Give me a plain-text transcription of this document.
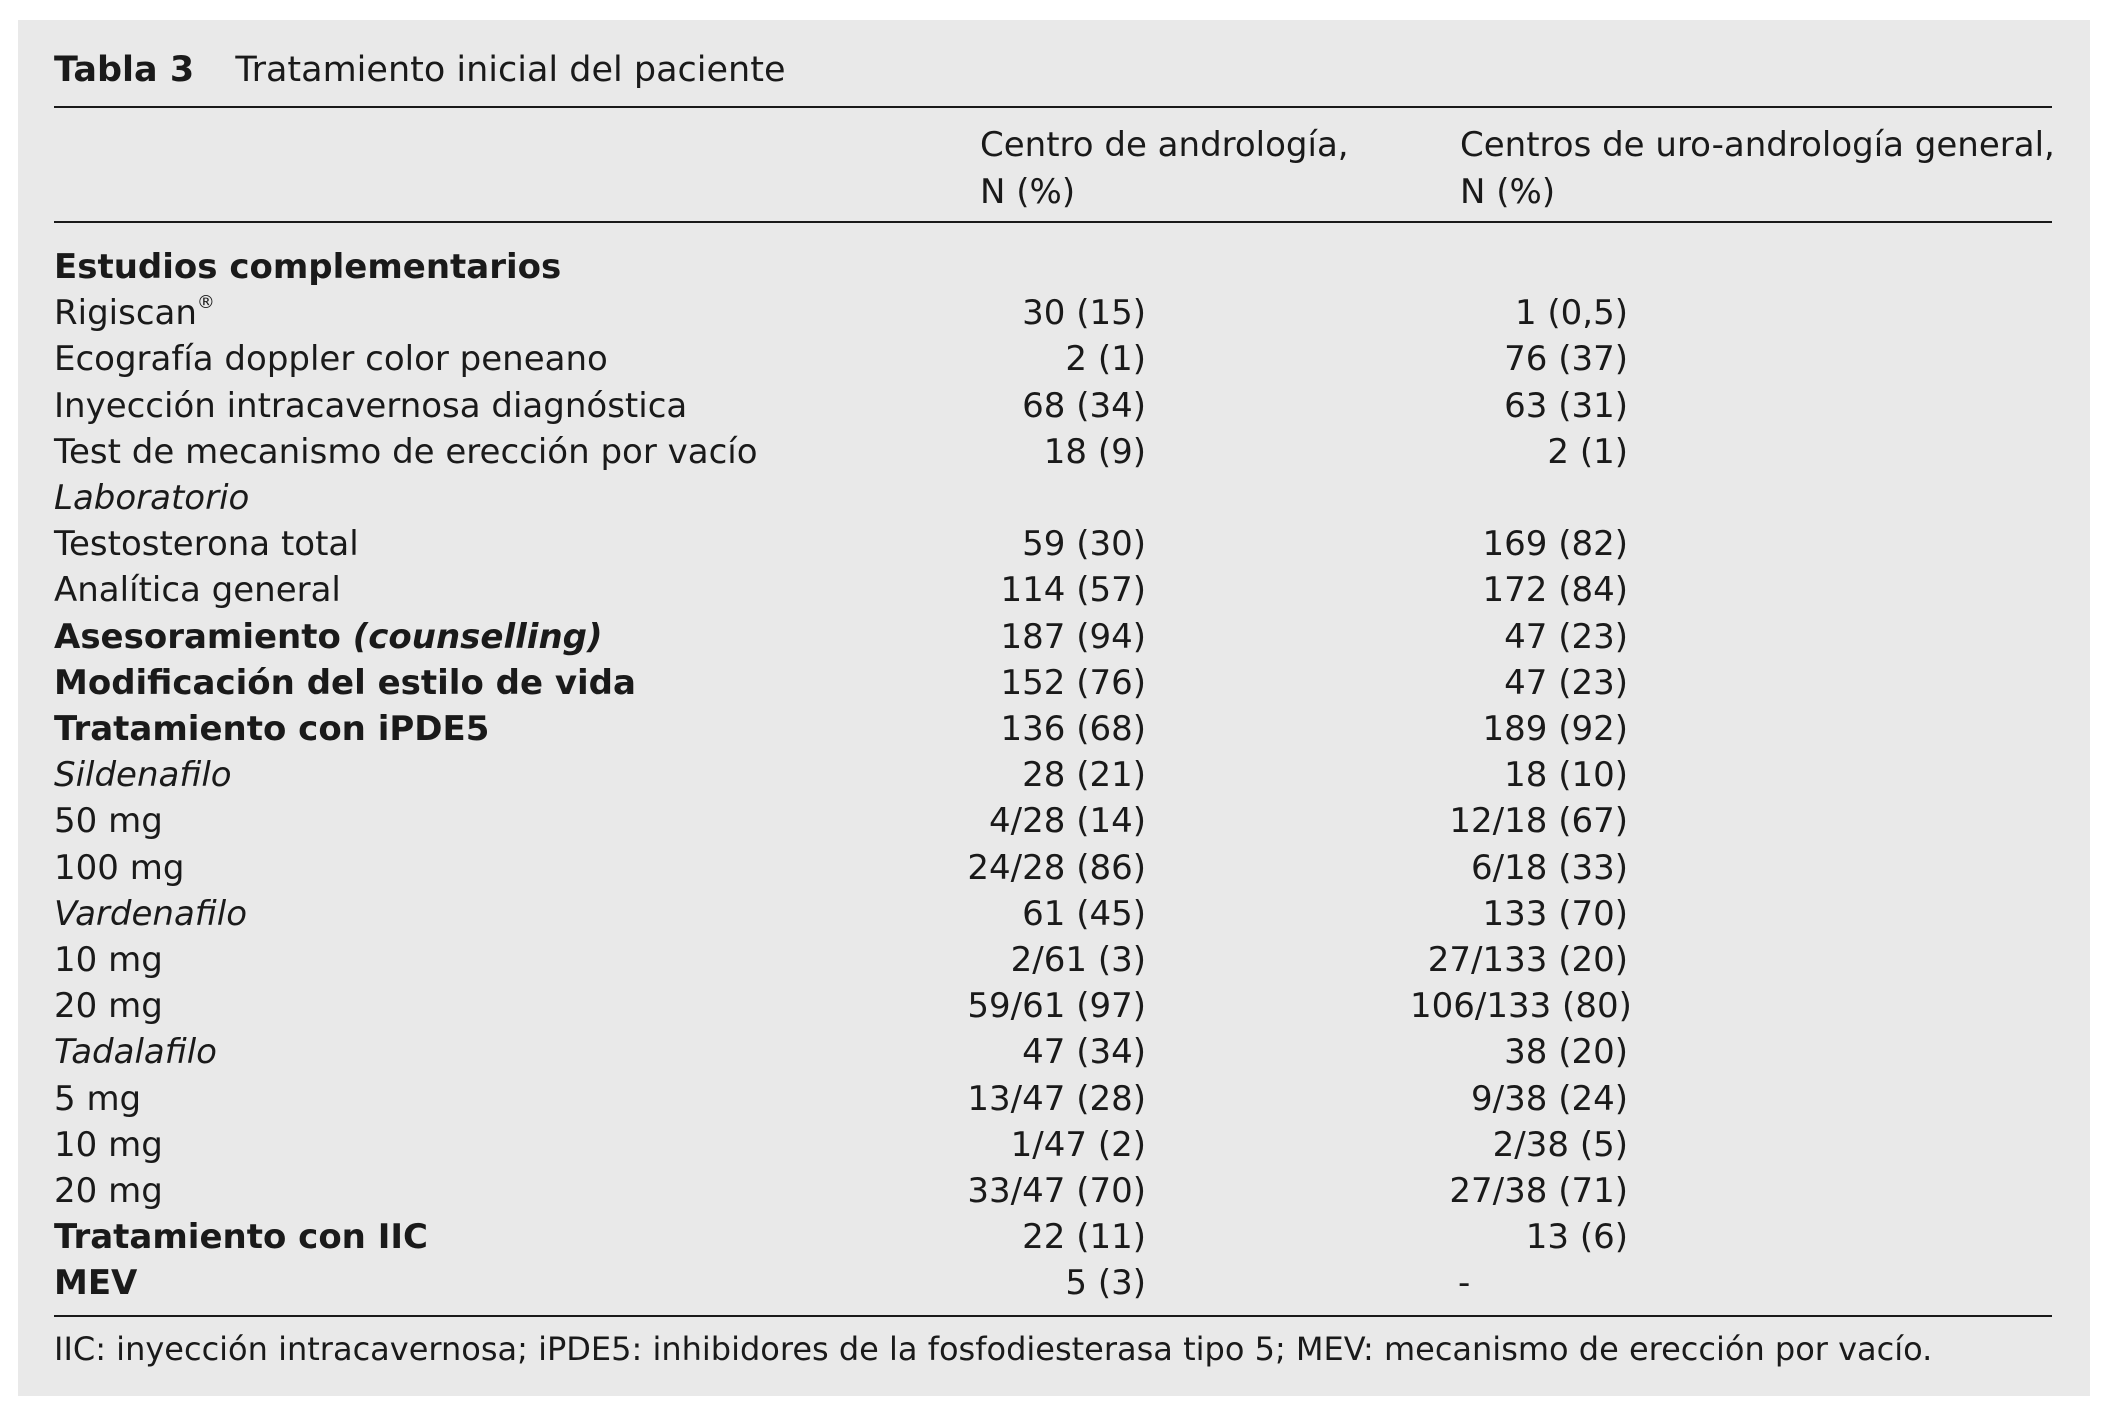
Tabla 3 Tratamiento inicial del paciente
Centro de andrología,
N (%)
Centros de uro-andrología general,
N (%)
Estudios complementarios
Rigiscan®	30 (15)	1 (0,5)
Ecografía doppler color peneano	2 (1)	76 (37)
Inyección intracavernosa diagnóstica	68 (34)	63 (31)
Test de mecanismo de erección por vacío	18 (9)	2 (1)
Laboratorio
Testosterona total	59 (30)	169 (82)
Analítica general	114 (57)	172 (84)
Asesoramiento (counselling)	187 (94)	47 (23)
Modificación del estilo de vida	152 (76)	47 (23)
Tratamiento con iPDE5	136 (68)	189 (92)
Sildenafilo	28 (21)	18 (10)
50 mg	4/28 (14)	12/18 (67)
100 mg	24/28 (86)	6/18 (33)
Vardenafilo	61 (45)	133 (70)
10 mg	2/61 (3)	27/133 (20)
20 mg	59/61 (97)	106/133 (80)
Tadalafilo	47 (34)	38 (20)
5 mg	13/47 (28)	9/38 (24)
10 mg	1/47 (2)	2/38 (5)
20 mg	33/47 (70)	27/38 (71)
Tratamiento con IIC	22 (11)	13 (6)
MEV	5 (3)	-
IIC: inyección intracavernosa; iPDE5: inhibidores de la fosfodiesterasa tipo 5; MEV: mecanismo de erección por vacío.
